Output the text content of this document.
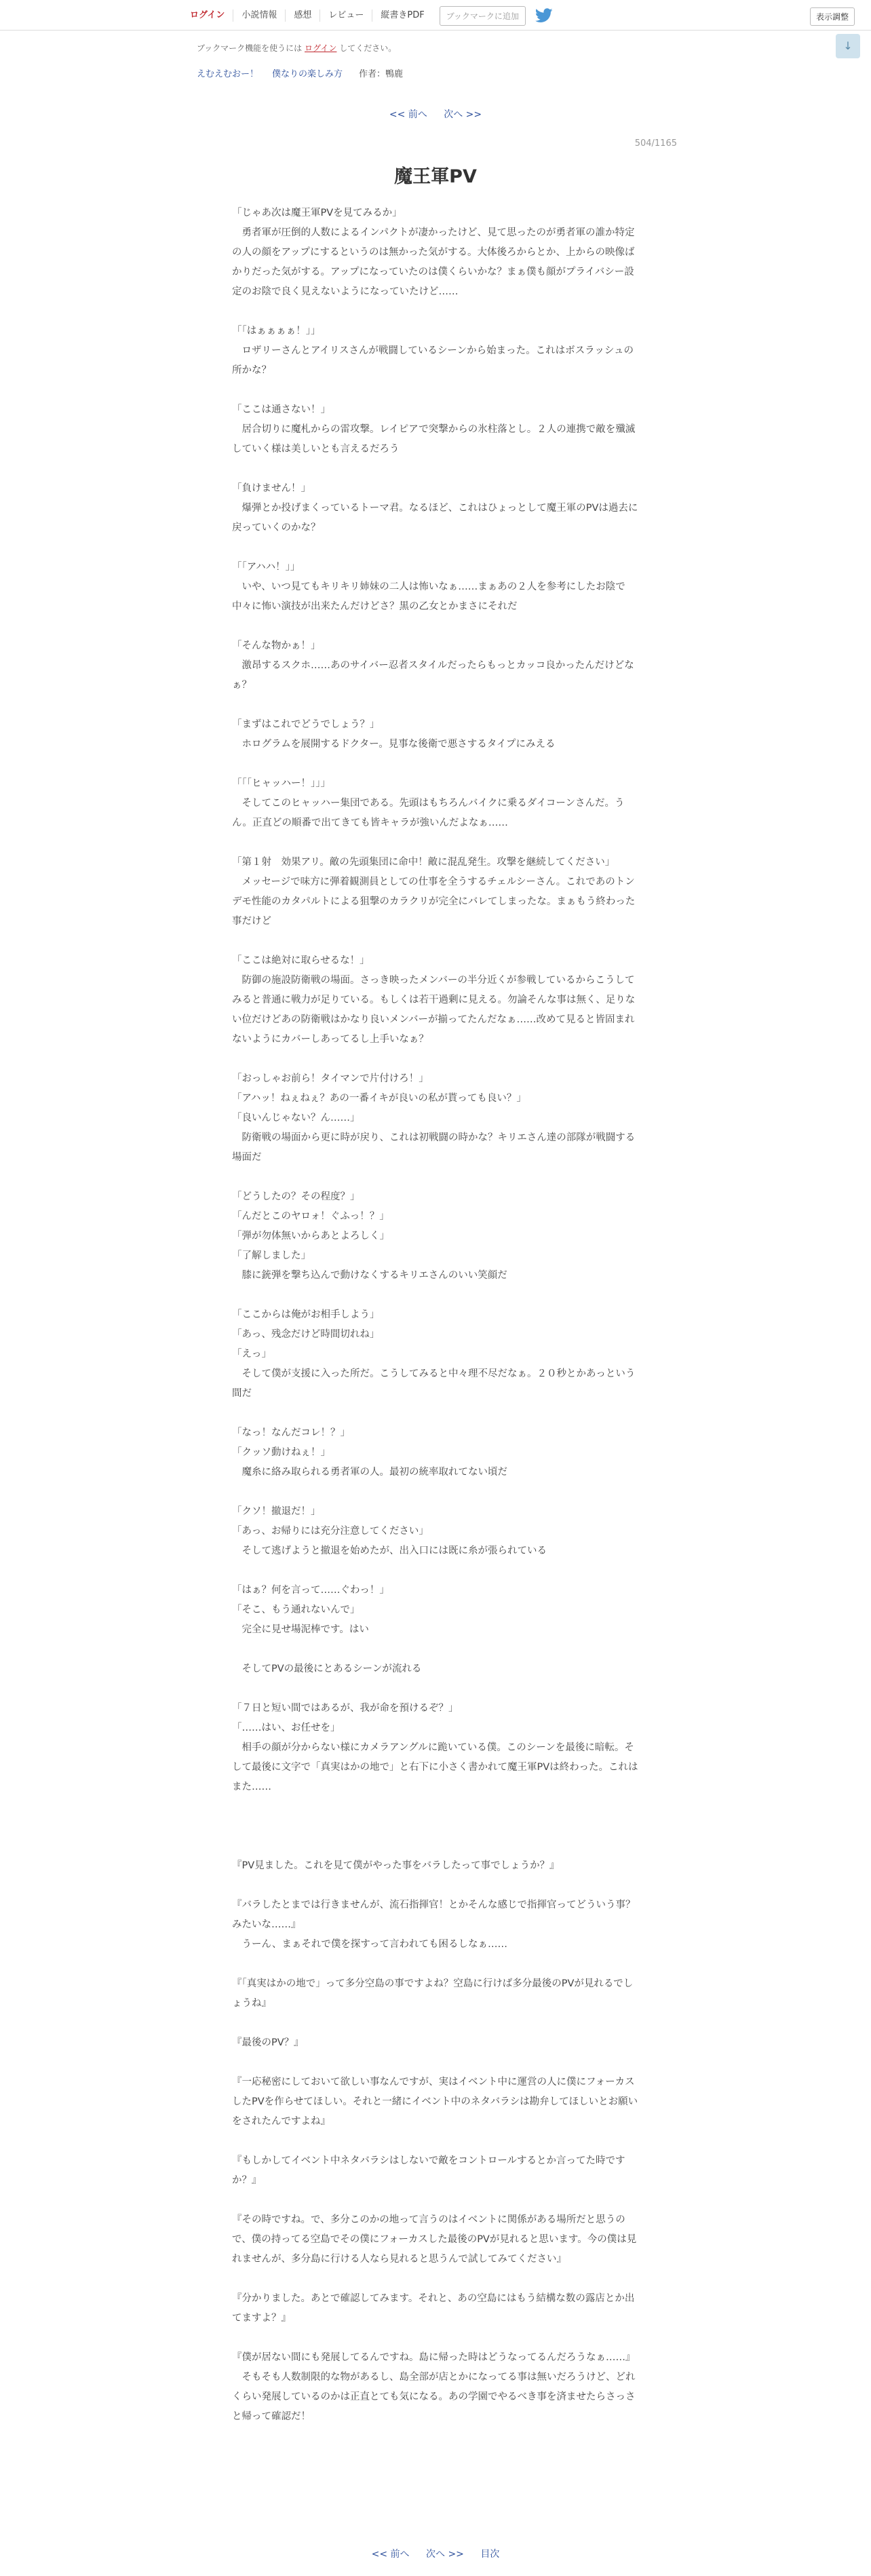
ログイン	小説情報	感想	レビュー	縦書きPDF	ブックマークに追加	表示調整
↓
ブックマーク機能を使うには ログイン してください。
えむえむおー！ 僕なりの楽しみ方 作者：鴨鹿
<< 前へ 次へ >>
504/1165
魔王軍PV

「じゃあ次は魔王軍PVを見てみるか」

　勇者軍が圧倒的人数によるインパクトが凄かったけど、見て思ったのが勇者軍の誰か特定の人の顔をアップにするというのは無かった気がする。大体後ろからとか、上からの映像ばかりだった気がする。アップになっていたのは僕くらいかな？まぁ僕も顔がプライバシー設定のお陰で良く見えないようになっていたけど……

「「はぁぁぁぁ！」」

　ロザリーさんとアイリスさんが戦闘しているシーンから始まった。これはボスラッシュの所かな？

「ここは通さない！」

　居合切りに魔札からの雷攻撃。レイピアで突撃からの氷柱落とし。２人の連携で敵を殲滅していく様は美しいとも言えるだろう

「負けません！」

　爆弾とか投げまくっているトーマ君。なるほど、これはひょっとして魔王軍のPVは過去に戻っていくのかな？

「「アハハ！」」

　いや、いつ見てもキリキリ姉妹の二人は怖いなぁ……まぁあの２人を参考にしたお陰で中々に怖い演技が出来たんだけどさ？黒の乙女とかまさにそれだ

「そんな物かぁ！」

　激昂するスクホ……あのサイバー忍者スタイルだったらもっとカッコ良かったんだけどなぁ？

「まずはこれでどうでしょう？」

　ホログラムを展開するドクター。見事な後衛で悪さするタイプにみえる

「「「ヒャッハー！」」」

　そしてこのヒャッハー集団である。先頭はもちろんバイクに乗るダイコーンさんだ。うん。正直どの順番で出てきても皆キャラが強いんだよなぁ……

「第１射　効果アリ。敵の先頭集団に命中！敵に混乱発生。攻撃を継続してください」

　メッセージで味方に弾着観測員としての仕事を全うするチェルシーさん。これであのトンデモ性能のカタパルトによる狙撃のカラクリが完全にバレてしまったな。まぁもう終わった事だけど

「ここは絶対に取らせるな！」

　防御の施設防衛戦の場面。さっき映ったメンバーの半分近くが参戦しているからこうしてみると普通に戦力が足りている。もしくは若干過剰に見える。勿論そんな事は無く、足りない位だけどあの防衛戦はかなり良いメンバーが揃ってたんだなぁ……改めて見ると皆固まれないようにカバーしあってるし上手いなぁ？

「おっしゃお前ら！タイマンで片付けろ！」

「アハッ！ねぇねぇ？あの一番イキが良いの私が貰っても良い？」

「良いんじゃない？ん……」

　防衛戦の場面から更に時が戻り、これは初戦闘の時かな？キリエさん達の部隊が戦闘する場面だ

「どうしたの？その程度？」

「んだとこのヤロォ！ぐふっ！？」

「弾が勿体無いからあとよろしく」

「了解しました」

　膝に銃弾を撃ち込んで動けなくするキリエさんのいい笑顔だ

「ここからは俺がお相手しよう」

「あっ、残念だけど時間切れね」

「えっ」

　そして僕が支援に入った所だ。こうしてみると中々理不尽だなぁ。２０秒とかあっという間だ

「なっ！なんだコレ！？」

「クッソ動けねぇ！」

　魔糸に絡み取られる勇者軍の人。最初の統率取れてない頃だ

「クソ！撤退だ！」

「あっ、お帰りには充分注意してください」

　そして逃げようと撤退を始めたが、出入口には既に糸が張られている

「はぁ？何を言って……ぐわっ！」

「そこ、もう通れないんで」

　完全に見せ場泥棒です。はい

　そしてPVの最後にとあるシーンが流れる

「７日と短い間ではあるが、我が命を預けるぞ？」

「……はい、お任せを」

　相手の顔が分からない様にカメラアングルに跪いている僕。このシーンを最後に暗転。そして最後に文字で「真実はかの地で」と右下に小さく書かれて魔王軍PVは終わった。これはまた……

『PV見ました。これを見て僕がやった事をバラしたって事でしょうか？』

『バラしたとまでは行きませんが、流石指揮官！とかそんな感じで指揮官ってどういう事？みたいな……』

　うーん、まぁそれで僕を探すって言われても困るしなぁ……

『「真実はかの地で」って多分空島の事ですよね？空島に行けば多分最後のPVが見れるでしょうね』

『最後のPV？』

『一応秘密にしておいて欲しい事なんですが、実はイベント中に運営の人に僕にフォーカスしたPVを作らせてほしい。それと一緒にイベント中のネタバラシは勘弁してほしいとお願いをされたんですよね』

『もしかしてイベント中ネタバラシはしないで敵をコントロールするとか言ってた時ですか？』

『その時ですね。で、多分このかの地って言うのはイベントに関係がある場所だと思うので、僕の持ってる空島でその僕にフォーカスした最後のPVが見れると思います。今の僕は見れませんが、多分島に行ける人なら見れると思うんで試してみてください』

『分かりました。あとで確認してみます。それと、あの空島にはもう結構な数の露店とか出てますよ？』

『僕が居ない間にも発展してるんですね。島に帰った時はどうなってるんだろうなぁ……』

　そもそも人数制限的な物があるし、島全部が店とかになってる事は無いだろうけど、どれくらい発展しているのかは正直とても気になる。あの学園でやるべき事を済ませたらさっさと帰って確認だ！

<< 前へ 次へ >> 目次
